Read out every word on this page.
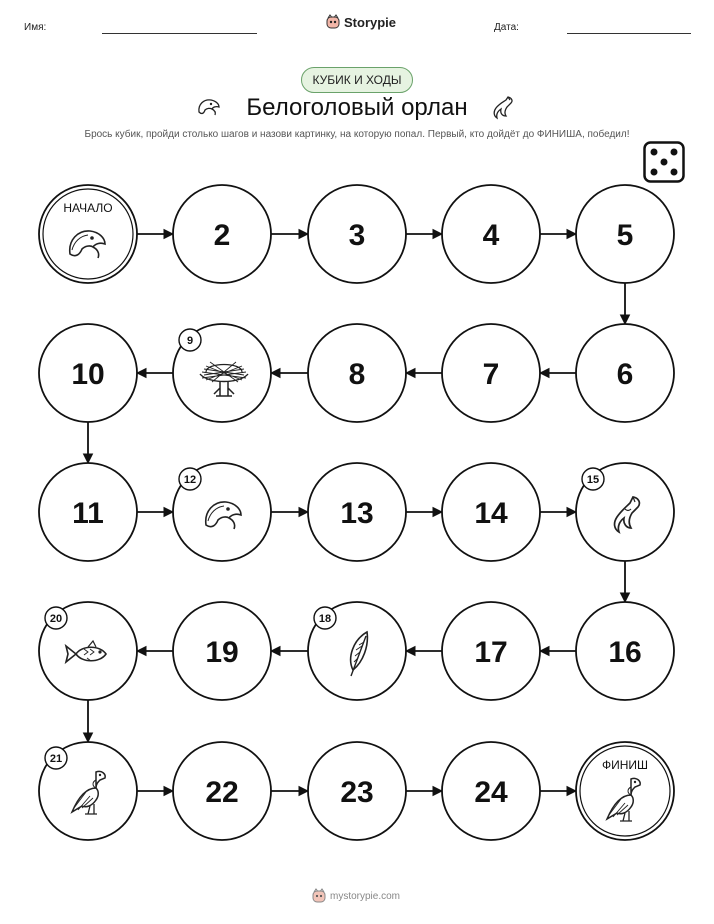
Имя:	Storypie	Дата:
КУБИК И ХОДЫ
Белоголовый орлан
Брось кубик, пройди столько шагов и назови картинку, на которую попал. Первый, кто дойдёт до ФИНИША, победил!
НАЧАЛО
2	3	4	5
6
7
8
9
10
11
12
13	14
15
16
17
18
19
20
21
22	23	24
ФИНИШ
mystorypie.com
